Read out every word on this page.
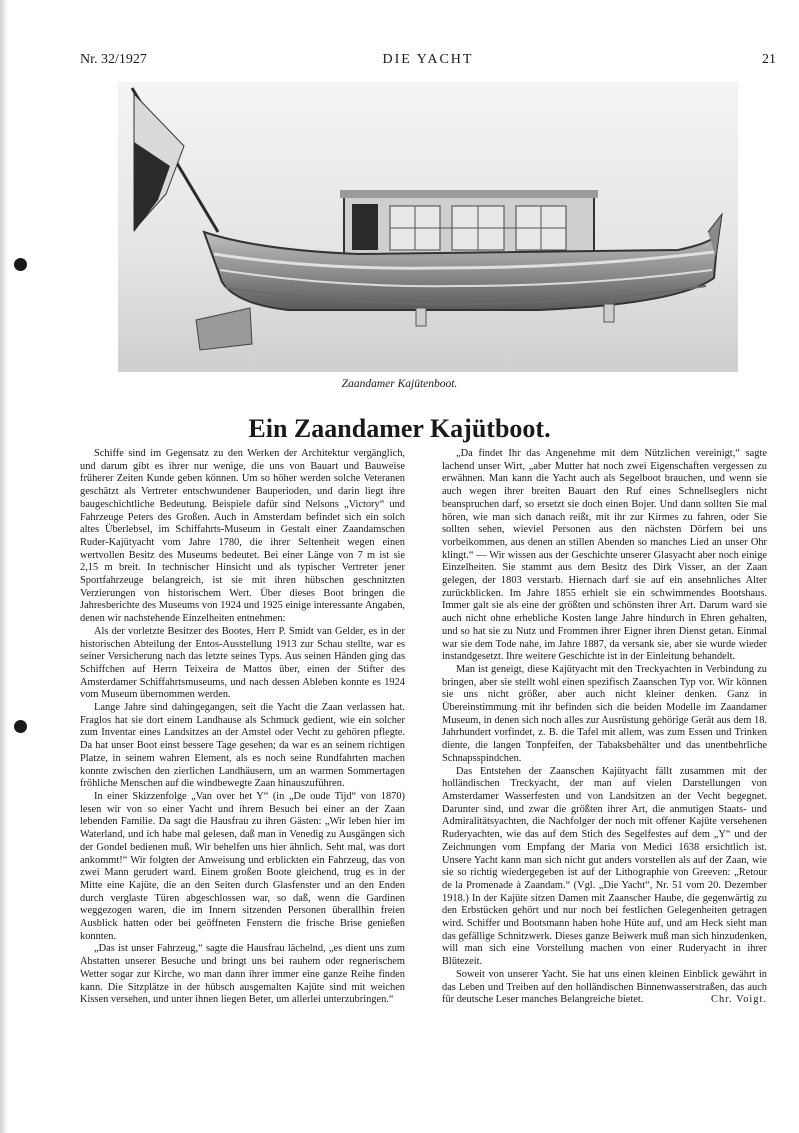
Nr. 32/1927	DIE YACHT	21
Zaandamer Kajütenboot.
Ein Zaandamer Kajütboot.

Schiffe sind im Gegensatz zu den Werken der Architektur vergänglich, und darum gibt es ihrer nur wenige, die uns von Bauart und Bauweise früherer Zeiten Kunde geben können. Um so höher werden solche Veteranen geschätzt als Vertreter entschwundener Bauperioden, und darin liegt ihre baugeschichtliche Bedeutung. Beispiele dafür sind Nelsons „Victory“ und Fahrzeuge Peters des Großen. Auch in Amsterdam befindet sich ein solch altes Überlebsel, im Schiffahrts-Museum in Gestalt einer Zaandamschen Ruder-Kajütyacht vom Jahre 1780, die ihrer Seltenheit wegen einen wertvollen Besitz des Museums bedeutet. Bei einer Länge von 7 m ist sie 2,15 m breit. In technischer Hinsicht und als typischer Vertreter jener Sportfahrzeuge belangreich, ist sie mit ihren hübschen geschnitzten Verzierungen von historischem Wert. Über dieses Boot bringen die Jahresberichte des Museums von 1924 und 1925 einige interessante Angaben, denen wir nachstehende Einzelheiten entnehmen:

Als der vorletzte Besitzer des Bootes, Herr P. Smidt van Gelder, es in der historischen Abteilung der Entos-Ausstellung 1913 zur Schau stellte, war es seiner Versicherung nach das letzte seines Typs. Aus seinen Händen ging das Schiffchen auf Herrn Teixeira de Mattos über, einen der Stifter des Amsterdamer Schiffahrtsmuseums, und nach dessen Ableben konnte es 1924 vom Museum übernommen werden.

Lange Jahre sind dahingegangen, seit die Yacht die Zaan verlassen hat. Fraglos hat sie dort einem Landhause als Schmuck gedient, wie ein solcher zum Inventar eines Landsitzes an der Amstel oder Vecht zu gehören pflegte. Da hat unser Boot einst bessere Tage gesehen; da war es an seinem richtigen Platze, in seinem wahren Element, als es noch seine Rundfahrten machen konnte zwischen den zierlichen Landhäusern, um an warmen Sommertagen fröhliche Menschen auf die windbewegte Zaan hinauszuführen.

In einer Skizzenfolge „Van over het Y“ (in „De oude Tijd“ von 1870) lesen wir von so einer Yacht und ihrem Besuch bei einer an der Zaan lebenden Familie. Da sagt die Hausfrau zu ihren Gästen: „Wir leben hier im Waterland, und ich habe mal gelesen, daß man in Venedig zu Ausgängen sich der Gondel bedienen muß. Wir behelfen uns hier ähnlich. Seht mal, was dort ankommt!“ Wir folgten der Anweisung und erblickten ein Fahrzeug, das von zwei Mann gerudert ward. Einem großen Boote gleichend, trug es in der Mitte eine Kajüte, die an den Seiten durch Glasfenster und an den Enden durch verglaste Türen abgeschlossen war, so daß, wenn die Gardinen weggezogen waren, die im Innern sitzenden Personen überallhin freien Ausblick hatten oder bei geöffneten Fenstern die frische Brise genießen konnten.

„Das ist unser Fahrzeug,“ sagte die Hausfrau lächelnd, „es dient uns zum Abstatten unserer Besuche und bringt uns bei rauhem oder regnerischem Wetter sogar zur Kirche, wo man dann ihrer immer eine ganze Reihe finden kann. Die Sitzplätze in der hübsch ausgemalten Kajüte sind mit weichen Kissen versehen, und unter ihnen liegen Beter, um allerlei unterzubringen.“

„Da findet Ihr das Angenehme mit dem Nützlichen vereinigt,“ sagte lachend unser Wirt, „aber Mutter hat noch zwei Eigenschaften vergessen zu erwähnen. Man kann die Yacht auch als Segelboot brauchen, und wenn sie auch wegen ihrer breiten Bauart den Ruf eines Schnellseglers nicht beanspruchen darf, so ersetzt sie doch einen Bojer. Und dann sollten Sie mal hören, wie man sich danach reißt, mit ihr zur Kirmes zu fahren, oder Sie sollten sehen, wieviel Personen aus den nächsten Dörfern bei uns vorbeikommen, aus denen an stillen Abenden so manches Lied an unser Ohr klingt.“ — Wir wissen aus der Geschichte unserer Glasyacht aber noch einige Einzelheiten. Sie stammt aus dem Besitz des Dirk Visser, an der Zaan gelegen, der 1803 verstarb. Hiernach darf sie auf ein ansehnliches Alter zurückblicken. Im Jahre 1855 erhielt sie ein schwimmendes Bootshaus. Immer galt sie als eine der größten und schönsten ihrer Art. Darum ward sie auch nicht ohne erhebliche Kosten lange Jahre hindurch in Ehren gehalten, und so hat sie zu Nutz und Frommen ihrer Eigner ihren Dienst getan. Einmal war sie dem Tode nahe, im Jahre 1887, da versank sie, aber sie wurde wieder instandgesetzt. Ihre weitere Geschichte ist in der Einleitung behandelt.

Man ist geneigt, diese Kajütyacht mit den Treckyachten in Verbindung zu bringen, aber sie stellt wohl einen spezifisch Zaanschen Typ vor. Wir können sie uns nicht größer, aber auch nicht kleiner denken. Ganz in Übereinstimmung mit ihr befinden sich die beiden Modelle im Zaandamer Museum, in denen sich noch alles zur Ausrüstung gehörige Gerät aus dem 18. Jahrhundert vorfindet, z. B. die Tafel mit allem, was zum Essen und Trinken diente, die langen Tonpfeifen, der Tabaksbehälter und das unentbehrliche Schnapsspindchen.

Das Entstehen der Zaanschen Kajütyacht fällt zusammen mit der holländischen Treckyacht, der man auf vielen Darstellungen von Amsterdamer Wasserfesten und von Landsitzen an der Vecht begegnet. Darunter sind, und zwar die größten ihrer Art, die anmutigen Staats- und Admiralitätsyachten, die Nachfolger der noch mit offener Kajüte versehenen Ruderyachten, wie das auf dem Stich des Segelfestes auf dem „Y“ und der Zeichnungen vom Empfang der Maria von Medici 1638 ersichtlich ist. Unsere Yacht kann man sich nicht gut anders vorstellen als auf der Zaan, wie sie so richtig wiedergegeben ist auf der Lithographie von Greeven: „Retour de la Promenade à Zaandam.“ (Vgl. „Die Yacht“, Nr. 51 vom 20. Dezember 1918.) In der Kajüte sitzen Damen mit Zaanscher Haube, die gegenwärtig zu den Erbstücken gehört und nur noch bei festlichen Gelegenheiten getragen wird. Schiffer und Bootsmann haben hohe Hüte auf, und am Heck sieht man das gefällige Schnitzwerk. Dieses ganze Beiwerk muß man sich hinzudenken, will man sich eine Vorstellung machen von einer Ruderyacht in ihrer Blütezeit.

Soweit von unserer Yacht. Sie hat uns einen kleinen Einblick gewährt in das Leben und Treiben auf den holländischen Binnenwasserstraßen, das auch für deutsche Leser manches Belangreiche bietet.	Chr. Voigt.
